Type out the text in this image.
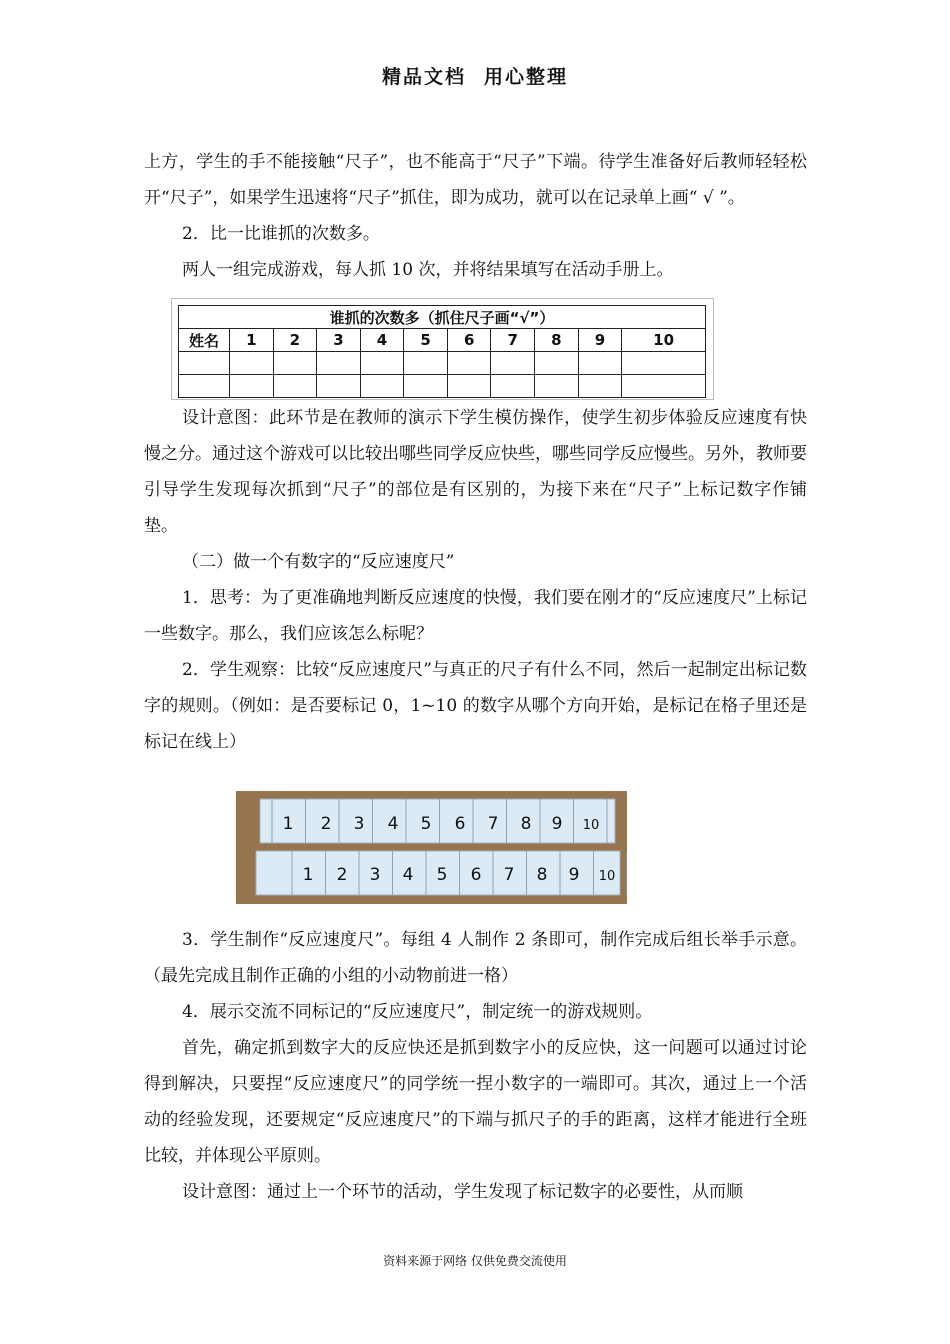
精品文档 用心整理

上方，学生的手不能接触“尺子”，也不能高于“尺子”下端。待学生准备好后教师轻轻松开“尺子”，如果学生迅速将“尺子”抓住，即为成功，就可以在记录单上画“ √ ”。

2．比一比谁抓的次数多。

两人一组完成游戏，每人抓 10 次，并将结果填写在活动手册上。

谁抓的次数多（抓住尺子画“√”）										
姓名	1	2	3	4	5	6	7	8	9	10

设计意图：此环节是在教师的演示下学生模仿操作，使学生初步体验反应速度有快慢之分。通过这个游戏可以比较出哪些同学反应快些，哪些同学反应慢些。另外，教师要引导学生发现每次抓到“尺子”的部位是有区别的，为接下来在“尺子”上标记数字作铺垫。

（二）做一个有数字的“反应速度尺”

1．思考：为了更准确地判断反应速度的快慢，我们要在刚才的“反应速度尺”上标记一些数字。那么，我们应该怎么标呢？

2．学生观察：比较“反应速度尺”与真正的尺子有什么不同，然后一起制定出标记数字的规则。（例如：是否要标记 0，1~10 的数字从哪个方向开始，是标记在格子里还是标记在线上）

1 2 3 4 5 6 7 8 9 10
1 2 3 4 5 6 7 8 9 10

3．学生制作“反应速度尺”。每组 4 人制作 2 条即可，制作完成后组长举手示意。（最先完成且制作正确的小组的小动物前进一格）

4．展示交流不同标记的“反应速度尺”，制定统一的游戏规则。

首先，确定抓到数字大的反应快还是抓到数字小的反应快，这一问题可以通过讨论得到解决，只要捏“反应速度尺”的同学统一捏小数字的一端即可。其次，通过上一个活动的经验发现，还要规定“反应速度尺”的下端与抓尺子的手的距离，这样才能进行全班比较，并体现公平原则。

设计意图：通过上一个环节的活动，学生发现了标记数字的必要性，从而顺

资料来源于网络 仅供免费交流使用
